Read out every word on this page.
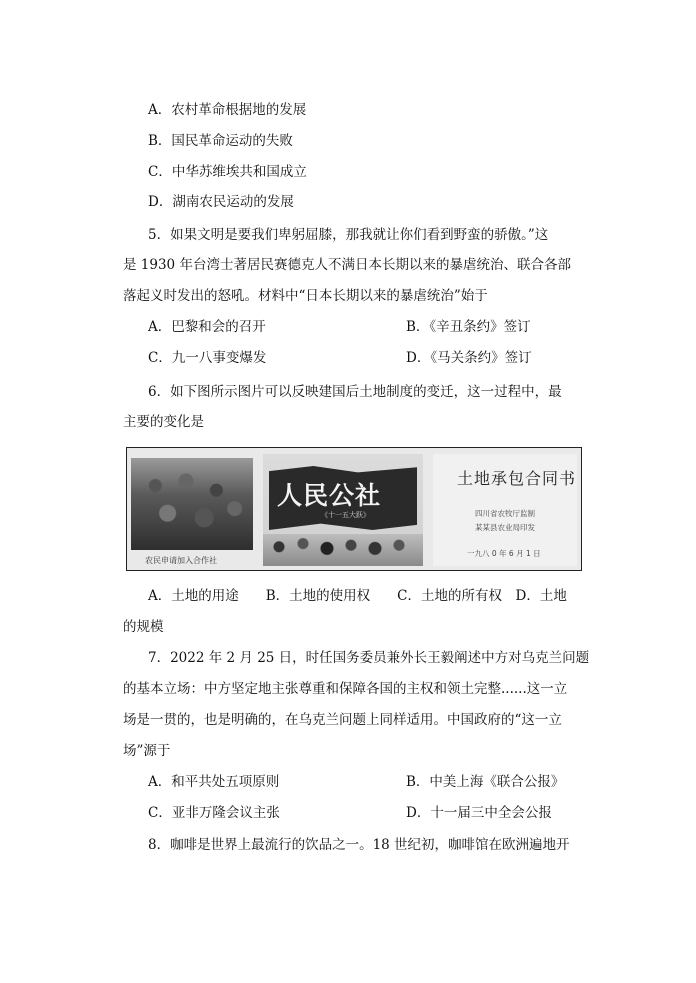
A．农村革命根据地的发展
B．国民革命运动的失败
C．中华苏维埃共和国成立
D．湖南农民运动的发展
5．如果文明是要我们卑躬屈膝，那我就让你们看到野蛮的骄傲。”这
是 1930 年台湾士著居民赛德克人不满日本长期以来的暴虐统治、联合各部
落起义时发出的怒吼。材料中“日本长期以来的暴虐统治”始于
A．巴黎和会的召开	B．《辛丑条约》签订
C．九一八事变爆发	D．《马关条约》签订
6．如下图所示图片可以反映建国后土地制度的变迁，这一过程中，最
主要的变化是
农民申请加入合作社
人民公社
《十一五大跃》
土地承包合同书
四川省农牧厅监制
某某县农业局印发
一九八 0 年 6 月 1 日
A．土地的用途　　B．土地的使用权　　C．土地的所有权　D．土地
的规模
7．2022 年 2 月 25 日，时任国务委员兼外长王毅阐述中方对乌克兰问题
的基本立场：中方坚定地主张尊重和保障各国的主权和领土完整......这一立
场是一贯的，也是明确的，在乌克兰问题上同样适用。中国政府的“这一立
场”源于
A．和平共处五项原则	B．中美上海《联合公报》
C．亚非万隆会议主张	D．十一届三中全会公报
8．咖啡是世界上最流行的饮品之一。18 世纪初，咖啡馆在欧洲遍地开
